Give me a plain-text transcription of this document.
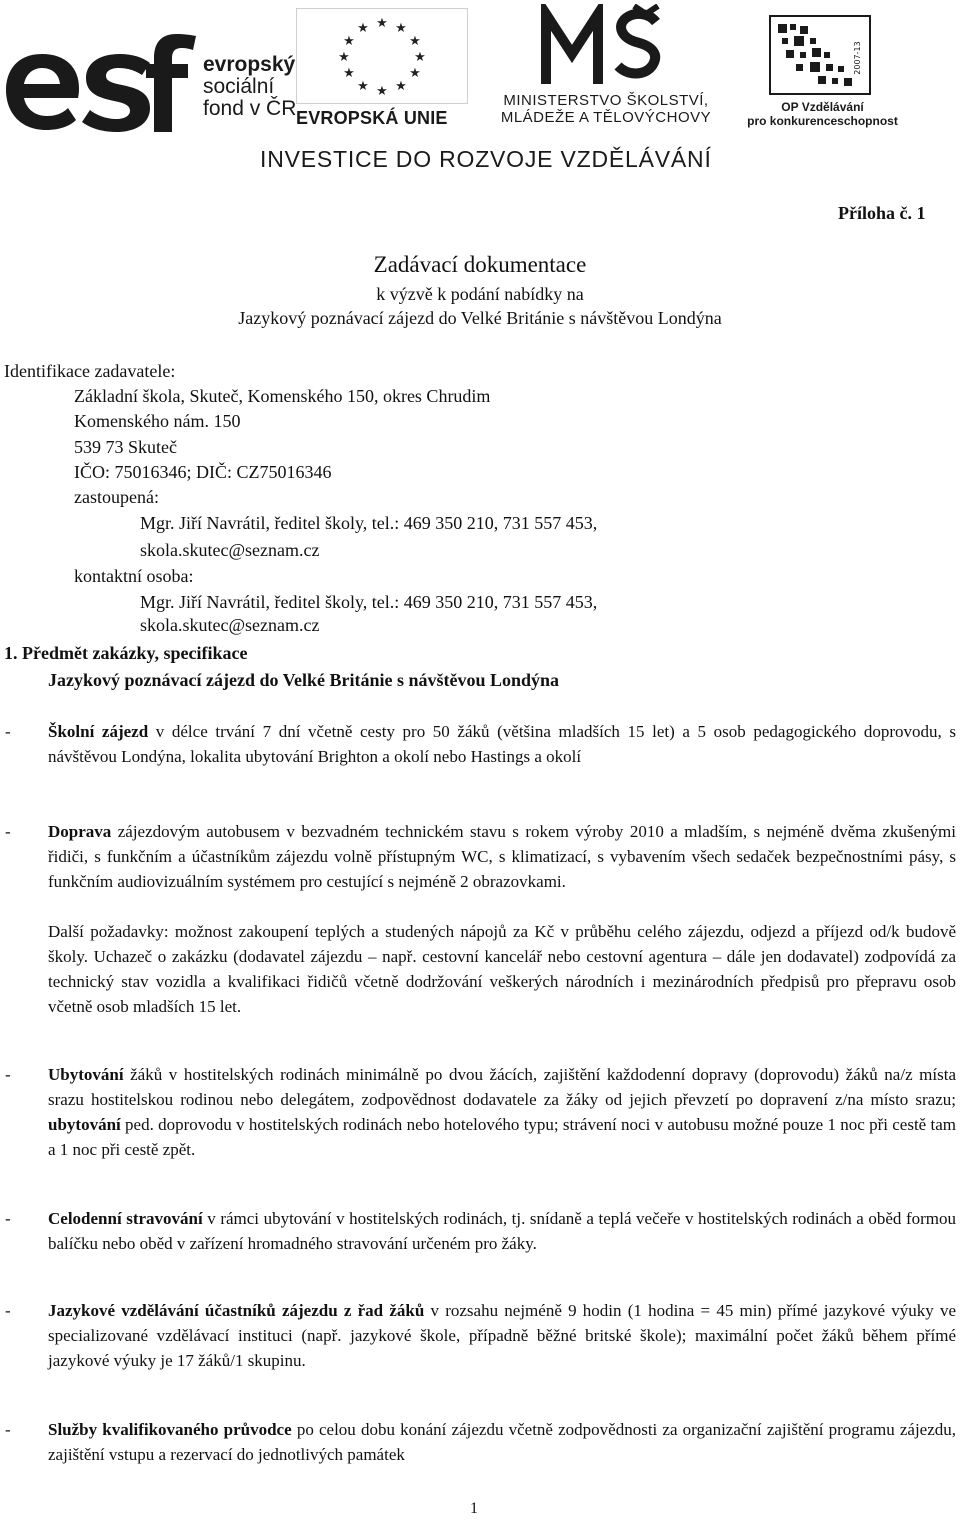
evropský
sociální
fond v ČR
★ ★
★
★
★
★
★
★
★
★
★
★
EVROPSKÁ UNIE
MINISTERSTVO ŠKOLSTVÍ,
MLÁDEŽE A TĚLOVÝCHOVY
2007-13
OP Vzdělávání
pro konkurenceschopnost
INVESTICE DO ROZVOJE VZDĚLÁVÁNÍ
Příloha č. 1
Zadávací dokumentace
k výzvě k podání nabídky na
Jazykový poznávací zájezd do Velké Británie s návštěvou Londýna
Identifikace zadavatele:
Základní škola, Skuteč, Komenského 150, okres Chrudim
Komenského nám. 150
539 73 Skuteč
IČO: 75016346; DIČ: CZ75016346
zastoupená:
Mgr. Jiří Navrátil, ředitel školy, tel.: 469 350 210, 731 557 453,
skola.skutec@seznam.cz
kontaktní osoba:
Mgr. Jiří Navrátil, ředitel školy, tel.: 469 350 210, 731 557 453,
skola.skutec@seznam.cz
1. Předmět zakázky, specifikace
Jazykový poznávací zájezd do Velké Británie s návštěvou Londýna
- Školní zájezd v délce trvání 7 dní včetně cesty pro 50 žáků (většina mladších 15 let) a 5 osob pedagogického doprovodu, s návštěvou Londýna, lokalita ubytování Brighton a okolí nebo Hastings a okolí
- Doprava zájezdovým autobusem v bezvadném technickém stavu s rokem výroby 2010 a mladším, s nejméně dvěma zkušenými řidiči, s funkčním a účastníkům zájezdu volně přístupným WC, s klimatizací, s vybavením všech sedaček bezpečnostními pásy, s funkčním audiovizuálním systémem pro cestující s nejméně 2 obrazovkami.
Další požadavky: možnost zakoupení teplých a studených nápojů za Kč v průběhu celého zájezdu, odjezd a příjezd od/k budově školy. Uchazeč o zakázku (dodavatel zájezdu – např. cestovní kancelář nebo cestovní agentura – dále jen dodavatel) zodpovídá za technický stav vozidla a kvalifikaci řidičů včetně dodržování veškerých národních i mezinárodních předpisů pro přepravu osob včetně osob mladších 15 let.
- Ubytování žáků v hostitelských rodinách minimálně po dvou žácích, zajištění každodenní dopravy (doprovodu) žáků na/z místa srazu hostitelskou rodinou nebo delegátem, zodpovědnost dodavatele za žáky od jejich převzetí po dopravení z/na místo srazu; ubytování ped. doprovodu v hostitelských rodinách nebo hotelového typu; strávení noci v autobusu možné pouze 1 noc při cestě tam a 1 noc při cestě zpět.
- Celodenní stravování v rámci ubytování v hostitelských rodinách, tj. snídaně a teplá večeře v hostitelských rodinách a oběd formou balíčku nebo oběd v zařízení hromadného stravování určeném pro žáky.
- Jazykové vzdělávání účastníků zájezdu z řad žáků v rozsahu nejméně 9 hodin (1 hodina = 45 min) přímé jazykové výuky ve specializované vzdělávací instituci (např. jazykové škole, případně běžné britské škole); maximální počet žáků během přímé jazykové výuky je 17 žáků/1 skupinu.
- Služby kvalifikovaného průvodce po celou dobu konání zájezdu včetně zodpovědnosti za organizační zajištění programu zájezdu, zajištění vstupu a rezervací do jednotlivých památek
1
